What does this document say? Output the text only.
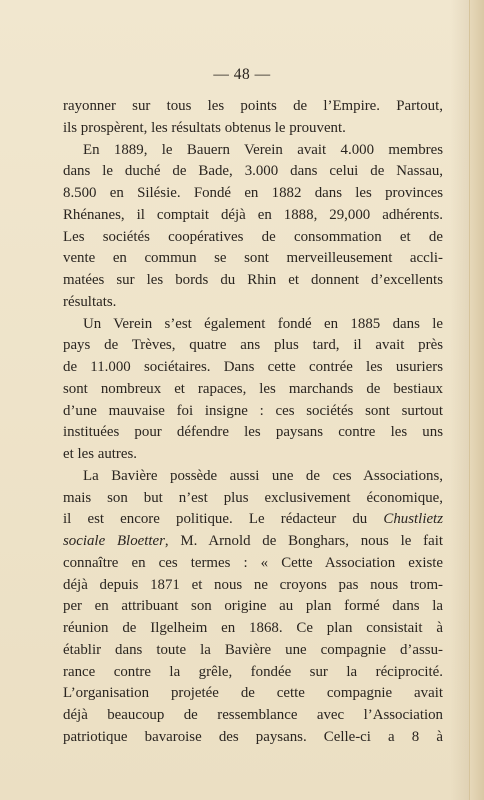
— 48 —
rayonner sur tous les points de l’Empire. Partout,
ils prospèrent, les résultats obtenus le prouvent.
En 1889, le Bauern Verein avait 4.000 membres
dans le duché de Bade, 3.000 dans celui de Nassau,
8.500 en Silésie. Fondé en 1882 dans les provinces
Rhénanes, il comptait déjà en 1888, 29,000 adhérents.
Les sociétés coopératives de consommation et de
vente en commun se sont merveilleusement accli-
matées sur les bords du Rhin et donnent d’excellents
résultats.
Un Verein s’est également fondé en 1885 dans le
pays de Trèves, quatre ans plus tard, il avait près
de 11.000 sociétaires. Dans cette contrée les usuriers
sont nombreux et rapaces, les marchands de bestiaux
d’une mauvaise foi insigne : ces sociétés sont surtout
instituées pour défendre les paysans contre les uns
et les autres.
La Bavière possède aussi une de ces Associations,
mais son but n’est plus exclusivement économique,
il est encore politique. Le rédacteur du Chustlietz
sociale Bloetter, M. Arnold de Bonghars, nous le fait
connaître en ces termes : « Cette Association existe
déjà depuis 1871 et nous ne croyons pas nous trom-
per en attribuant son origine au plan formé dans la
réunion de Ilgelheim en 1868. Ce plan consistait à
établir dans toute la Bavière une compagnie d’assu-
rance contre la grêle, fondée sur la réciprocité.
L’organisation projetée de cette compagnie avait
déjà beaucoup de ressemblance avec l’Association
patriotique bavaroise des paysans. Celle-ci a 8 à
